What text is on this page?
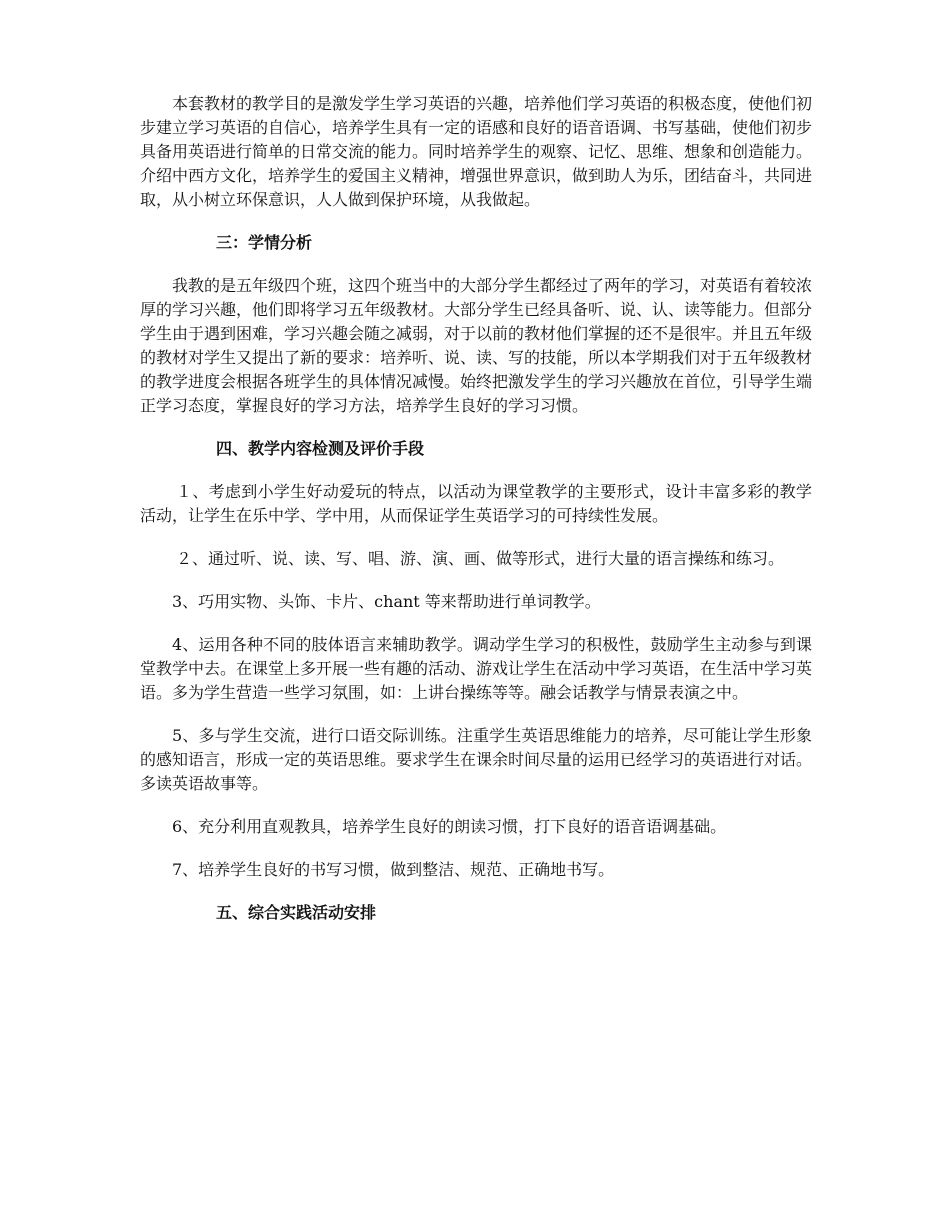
本套教材的教学目的是激发学生学习英语的兴趣，培养他们学习英语的积极态度，使他们初步建立学习英语的自信心，培养学生具有一定的语感和良好的语音语调、书写基础，使他们初步具备用英语进行简单的日常交流的能力。同时培养学生的观察、记忆、思维、想象和创造能力。介绍中西方文化，培养学生的爱国主义精神，增强世界意识，做到助人为乐，团结奋斗，共同进取，从小树立环保意识，人人做到保护环境，从我做起。

三：学情分析

我教的是五年级四个班，这四个班当中的大部分学生都经过了两年的学习，对英语有着较浓厚的学习兴趣，他们即将学习五年级教材。大部分学生已经具备听、说、认、读等能力。但部分学生由于遇到困难，学习兴趣会随之减弱，对于以前的教材他们掌握的还不是很牢。并且五年级的教材对学生又提出了新的要求：培养听、说、读、写的技能，所以本学期我们对于五年级教材的教学进度会根据各班学生的具体情况减慢。始终把激发学生的学习兴趣放在首位，引导学生端正学习态度，掌握良好的学习方法，培养学生良好的学习习惯。

四、教学内容检测及评价手段

１、考虑到小学生好动爱玩的特点，以活动为课堂教学的主要形式，设计丰富多彩的教学活动，让学生在乐中学、学中用，从而保证学生英语学习的可持续性发展。

２、通过听、说、读、写、唱、游、演、画、做等形式，进行大量的语言操练和练习。

3、巧用实物、头饰、卡片、chant 等来帮助进行单词教学。

4、运用各种不同的肢体语言来辅助教学。调动学生学习的积极性，鼓励学生主动参与到课堂教学中去。在课堂上多开展一些有趣的活动、游戏让学生在活动中学习英语，在生活中学习英语。多为学生营造一些学习氛围，如：上讲台操练等等。融会话教学与情景表演之中。

5、多与学生交流，进行口语交际训练。注重学生英语思维能力的培养，尽可能让学生形象的感知语言，形成一定的英语思维。要求学生在课余时间尽量的运用已经学习的英语进行对话。多读英语故事等。

6、充分利用直观教具，培养学生良好的朗读习惯，打下良好的语音语调基础。

7、培养学生良好的书写习惯，做到整洁、规范、正确地书写。

五、综合实践活动安排
